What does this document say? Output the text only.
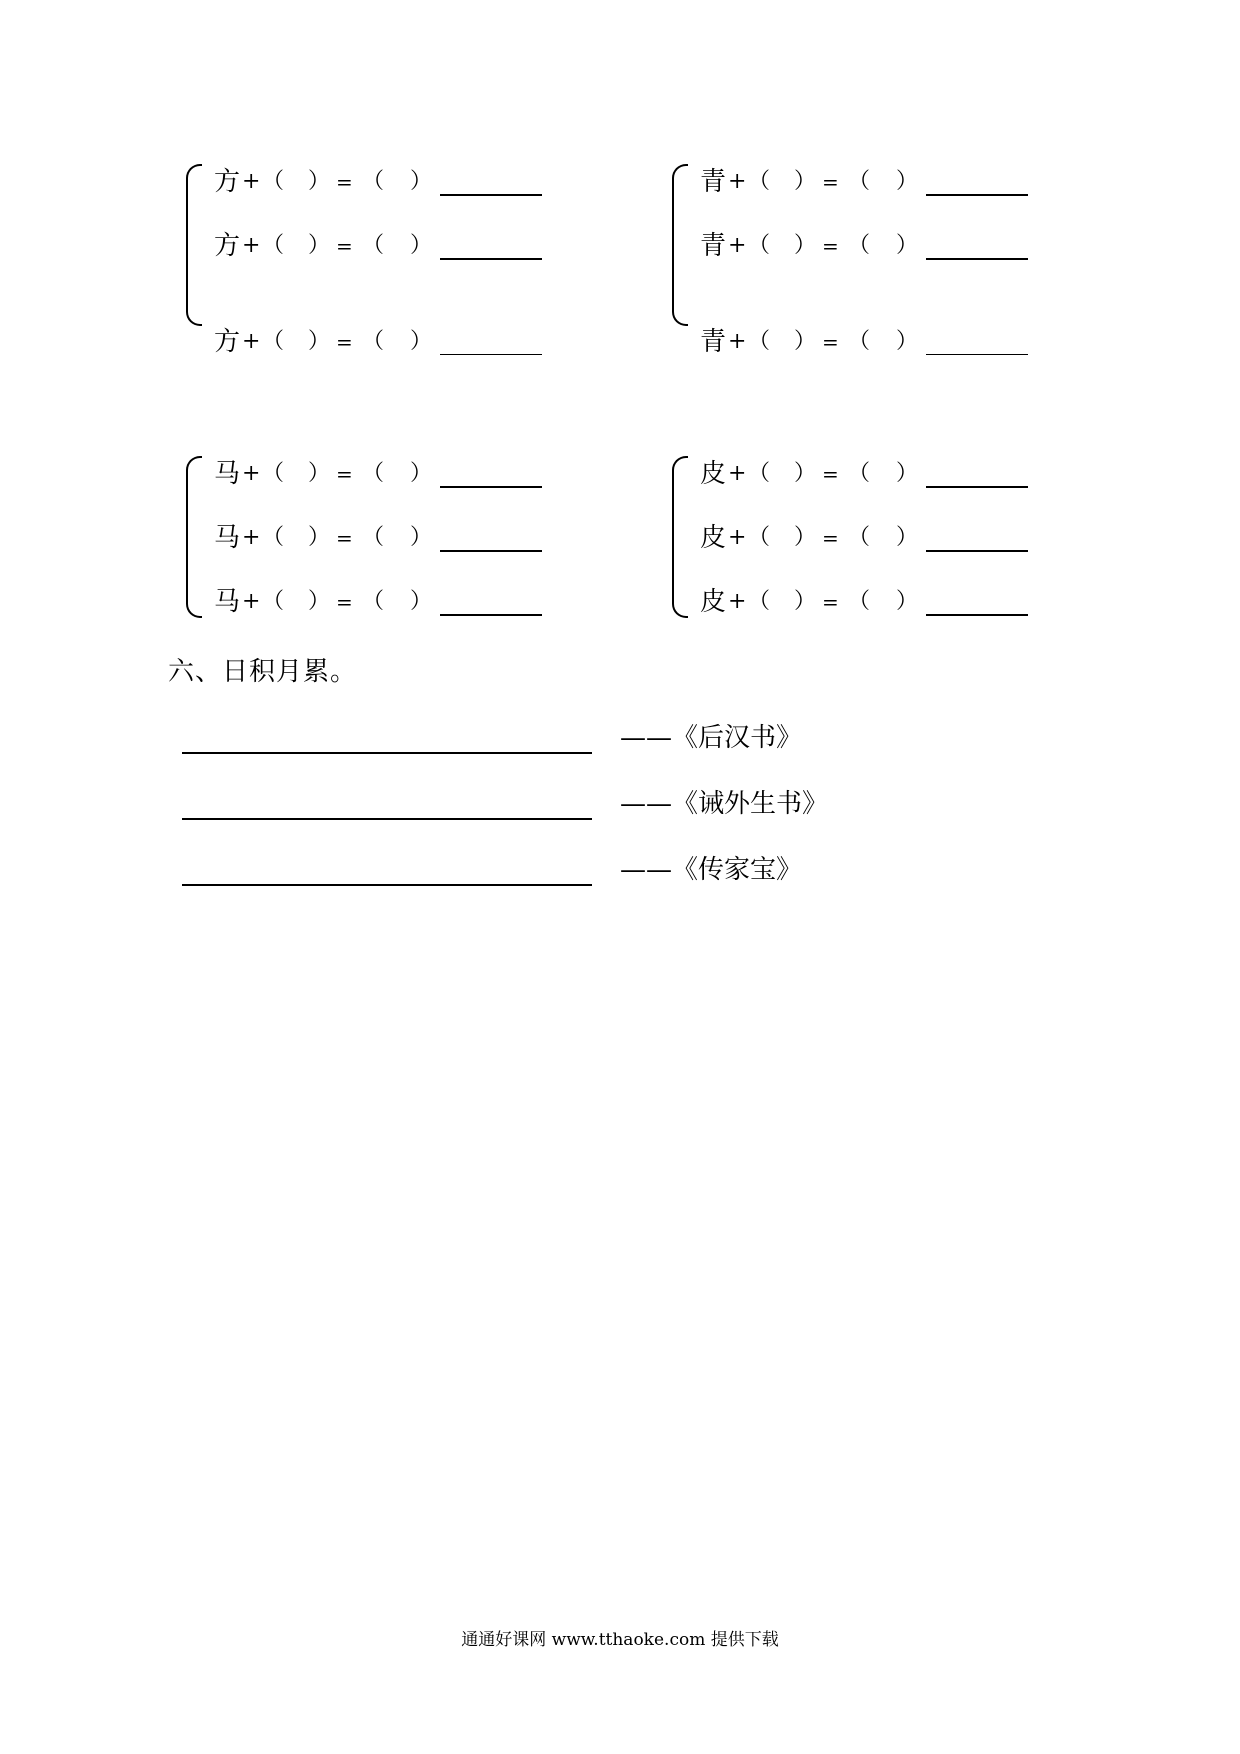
方 + （ ） = （ ）
方 + （ ） = （ ）
方 + （ ） = （ ）
青 + （ ） = （ ）
青 + （ ） = （ ）
青 + （ ） = （ ）
马 + （ ） = （ ）
马 + （ ） = （ ）
马 + （ ） = （ ）
皮 + （ ） = （ ）
皮 + （ ） = （ ）
皮 + （ ） = （ ）
六、日积月累。
——《后汉书》
——《诫外生书》
——《传家宝》
通通好课网 www.tthaoke.com 提供下载
